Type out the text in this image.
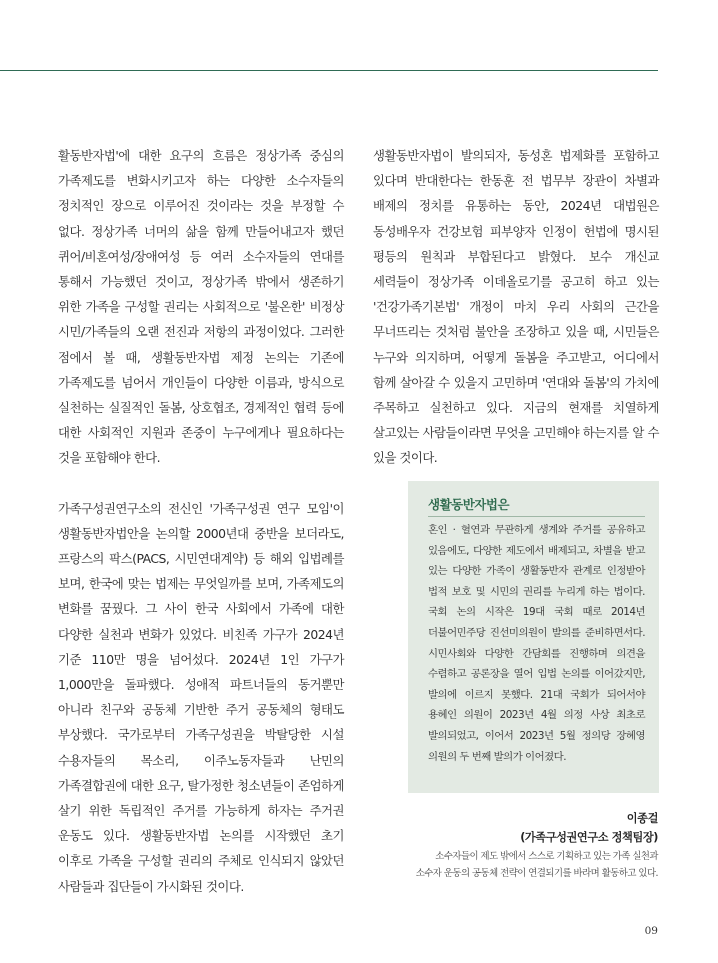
활동반자법'에 대한 요구의 흐름은 정상가족 중심의 가족제도를 변화시키고자 하는 다양한 소수자들의 정치적인 장으로 이루어진 것이라는 것을 부정할 수 없다. 정상가족 너머의 삶을 함께 만들어내고자 했던 퀴어/비혼여성/장애여성 등 여러 소수자들의 연대를 통해서 가능했던 것이고, 정상가족 밖에서 생존하기 위한 가족을 구성할 권리는 사회적으로 '불온한' 비정상 시민/가족들의 오랜 전진과 저항의 과정이었다. 그러한 점에서 볼 때, 생활동반자법 제정 논의는 기존에 가족제도를 넘어서 개인들이 다양한 이름과, 방식으로 실천하는 실질적인 돌봄, 상호협조, 경제적인 협력 등에 대한 사회적인 지원과 존중이 누구에게나 필요하다는 것을 포함해야 한다.

가족구성권연구소의 전신인 '가족구성권 연구 모임'이 생활동반자법안을 논의할 2000년대 중반을 보더라도, 프랑스의 팍스(PACS, 시민연대계약) 등 해외 입법례를 보며, 한국에 맞는 법제는 무엇일까를 보며, 가족제도의 변화를 꿈꿨다. 그 사이 한국 사회에서 가족에 대한 다양한 실천과 변화가 있었다. 비친족 가구가 2024년 기준 110만 명을 넘어섰다. 2024년 1인 가구가 1,000만을 돌파했다. 성애적 파트너들의 동거뿐만 아니라 친구와 공동체 기반한 주거 공동체의 형태도 부상했다. 국가로부터 가족구성권을 박탈당한 시설 수용자들의 목소리, 이주노동자들과 난민의 가족결합권에 대한 요구, 탈가정한 청소년들이 존엄하게 살기 위한 독립적인 주거를 가능하게 하자는 주거권 운동도 있다. 생활동반자법 논의를 시작했던 초기 이후로 가족을 구성할 권리의 주체로 인식되지 않았던 사람들과 집단들이 가시화된 것이다.

생활동반자법이 발의되자, 동성혼 법제화를 포함하고 있다며 반대한다는 한동훈 전 법무부 장관이 차별과 배제의 정치를 유통하는 동안, 2024년 대법원은 동성배우자 건강보험 피부양자 인정이 헌법에 명시된 평등의 원칙과 부합된다고 밝혔다. 보수 개신교 세력들이 정상가족 이데올로기를 공고히 하고 있는 '건강가족기본법' 개정이 마치 우리 사회의 근간을 무너뜨리는 것처럼 불안을 조장하고 있을 때, 시민들은 누구와 의지하며, 어떻게 돌봄을 주고받고, 어디에서 함께 살아갈 수 있을지 고민하며 '연대와 돌봄'의 가치에 주목하고 실천하고 있다. 지금의 현재를 치열하게 살고있는 사람들이라면 무엇을 고민해야 하는지를 알 수 있을 것이다.

생활동반자법은

혼인 · 혈연과 무관하게 생계와 주거를 공유하고 있음에도, 다양한 제도에서 배제되고, 차별을 받고 있는 다양한 가족이 생활동반자 관계로 인정받아 법적 보호 및 시민의 권리를 누리게 하는 법이다. 국회 논의 시작은 19대 국회 때로 2014년 더불어민주당 진선미의원이 발의를 준비하면서다. 시민사회와 다양한 간담회를 진행하며 의견을 수렴하고 공론장을 열어 입법 논의를 이어갔지만, 발의에 이르지 못했다. 21대 국회가 되어서야 용혜인 의원이 2023년 4월 의정 사상 최초로 발의되었고, 이어서 2023년 5월 정의당 장혜영 의원의 두 번째 발의가 이어졌다.

이종걸
(가족구성권연구소 정책팀장)
소수자들이 제도 밖에서 스스로 기획하고 있는 가족 실천과
소수자 운동의 공동체 전략이 연결되기를 바라며 활동하고 있다.
09
